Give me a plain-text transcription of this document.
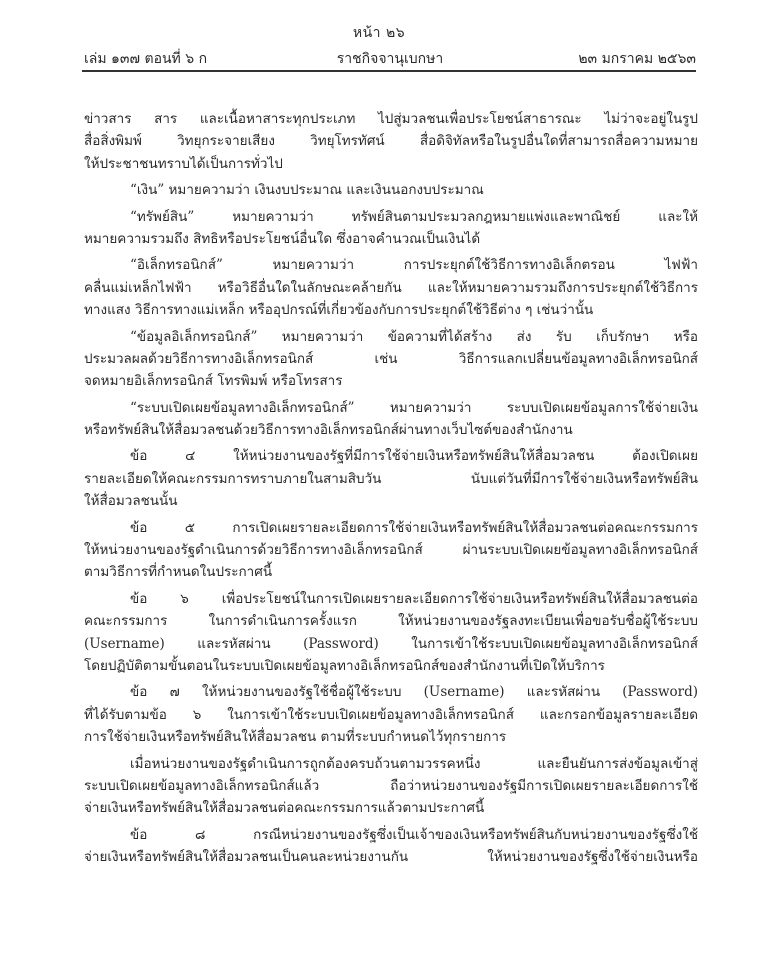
หน้า ๒๖
ราชกิจจานุเบกษา
เล่ม ๑๓๗ ตอนที่ ๖ ก	๒๓ มกราคม ๒๕๖๓
ข่าวสาร สาร และเนื้อหาสาระทุกประเภท ไปสู่มวลชนเพื่อประโยชน์สาธารณะ ไม่ว่าจะอยู่ในรูป
สื่อสิ่งพิมพ์ วิทยุกระจายเสียง วิทยุโทรทัศน์ สื่อดิจิทัลหรือในรูปอื่นใดที่สามารถสื่อความหมาย
ให้ประชาชนทราบได้เป็นการทั่วไป
“เงิน” หมายความว่า เงินงบประมาณ และเงินนอกงบประมาณ
“ทรัพย์สิน” หมายความว่า ทรัพย์สินตามประมวลกฎหมายแพ่งและพาณิชย์ และให้
หมายความรวมถึง สิทธิหรือประโยชน์อื่นใด ซึ่งอาจคำนวณเป็นเงินได้
“อิเล็กทรอนิกส์” หมายความว่า การประยุกต์ใช้วิธีการทางอิเล็กตรอน ไฟฟ้า
คลื่นแม่เหล็กไฟฟ้า หรือวิธีอื่นใดในลักษณะคล้ายกัน และให้หมายความรวมถึงการประยุกต์ใช้วิธีการ
ทางแสง วิธีการทางแม่เหล็ก หรืออุปกรณ์ที่เกี่ยวข้องกับการประยุกต์ใช้วิธีต่าง ๆ เช่นว่านั้น
“ข้อมูลอิเล็กทรอนิกส์” หมายความว่า ข้อความที่ได้สร้าง ส่ง รับ เก็บรักษา หรือ
ประมวลผลด้วยวิธีการทางอิเล็กทรอนิกส์ เช่น วิธีการแลกเปลี่ยนข้อมูลทางอิเล็กทรอนิกส์
จดหมายอิเล็กทรอนิกส์ โทรพิมพ์ หรือโทรสาร
“ระบบเปิดเผยข้อมูลทางอิเล็กทรอนิกส์” หมายความว่า ระบบเปิดเผยข้อมูลการใช้จ่ายเงิน
หรือทรัพย์สินให้สื่อมวลชนด้วยวิธีการทางอิเล็กทรอนิกส์ผ่านทางเว็บไซต์ของสำนักงาน
ข้อ ๔ ให้หน่วยงานของรัฐที่มีการใช้จ่ายเงินหรือทรัพย์สินให้สื่อมวลชน ต้องเปิดเผย
รายละเอียดให้คณะกรรมการทราบภายในสามสิบวัน นับแต่วันที่มีการใช้จ่ายเงินหรือทรัพย์สิน
ให้สื่อมวลชนนั้น
ข้อ ๕ การเปิดเผยรายละเอียดการใช้จ่ายเงินหรือทรัพย์สินให้สื่อมวลชนต่อคณะกรรมการ
ให้หน่วยงานของรัฐดำเนินการด้วยวิธีการทางอิเล็กทรอนิกส์ ผ่านระบบเปิดเผยข้อมูลทางอิเล็กทรอนิกส์
ตามวิธีการที่กำหนดในประกาศนี้
ข้อ ๖ เพื่อประโยชน์ในการเปิดเผยรายละเอียดการใช้จ่ายเงินหรือทรัพย์สินให้สื่อมวลชนต่อ
คณะกรรมการ ในการดำเนินการครั้งแรก ให้หน่วยงานของรัฐลงทะเบียนเพื่อขอรับชื่อผู้ใช้ระบบ
(Username) และรหัสผ่าน (Password) ในการเข้าใช้ระบบเปิดเผยข้อมูลทางอิเล็กทรอนิกส์
โดยปฏิบัติตามขั้นตอนในระบบเปิดเผยข้อมูลทางอิเล็กทรอนิกส์ของสำนักงานที่เปิดให้บริการ
ข้อ ๗ ให้หน่วยงานของรัฐใช้ชื่อผู้ใช้ระบบ (Username) และรหัสผ่าน (Password)
ที่ได้รับตามข้อ ๖ ในการเข้าใช้ระบบเปิดเผยข้อมูลทางอิเล็กทรอนิกส์ และกรอกข้อมูลรายละเอียด
การใช้จ่ายเงินหรือทรัพย์สินให้สื่อมวลชน ตามที่ระบบกำหนดไว้ทุกรายการ
เมื่อหน่วยงานของรัฐดำเนินการถูกต้องครบถ้วนตามวรรคหนึ่ง และยืนยันการส่งข้อมูลเข้าสู่
ระบบเปิดเผยข้อมูลทางอิเล็กทรอนิกส์แล้ว ถือว่าหน่วยงานของรัฐมีการเปิดเผยรายละเอียดการใช้
จ่ายเงินหรือทรัพย์สินให้สื่อมวลชนต่อคณะกรรมการแล้วตามประกาศนี้
ข้อ ๘ กรณีหน่วยงานของรัฐซึ่งเป็นเจ้าของเงินหรือทรัพย์สินกับหน่วยงานของรัฐซึ่งใช้
จ่ายเงินหรือทรัพย์สินให้สื่อมวลชนเป็นคนละหน่วยงานกัน ให้หน่วยงานของรัฐซึ่งใช้จ่ายเงินหรือ
